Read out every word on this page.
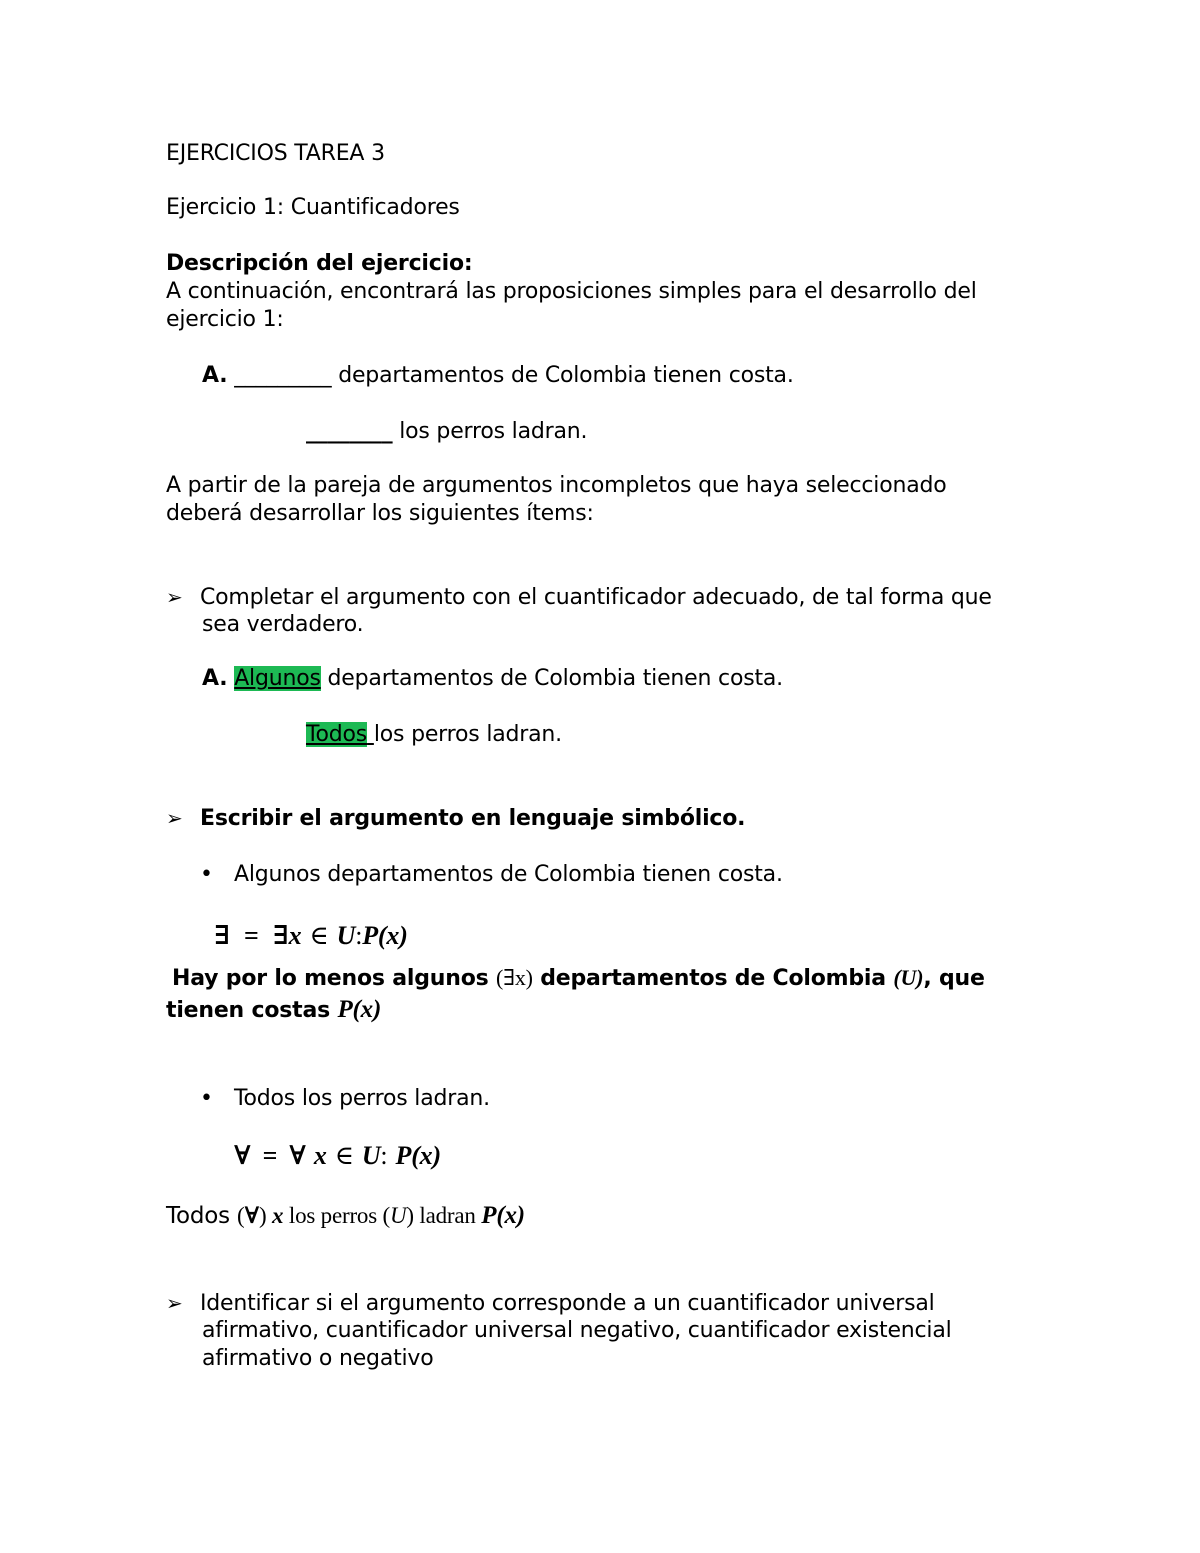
EJERCICIOS TAREA 3
Ejercicio 1: Cuantificadores
Descripción del ejercicio:
A continuación, encontrará las proposiciones simples para el desarrollo del
ejercicio 1:
A. _________ departamentos de Colombia tienen costa.
________ los perros ladran.
A partir de la pareja de argumentos incompletos que haya seleccionado
deberá desarrollar los siguientes ítems:
➢ Completar el argumento con el cuantificador adecuado, de tal forma que
sea verdadero.
A. Algunos departamentos de Colombia tienen costa.
Todos los perros ladran.
➢ Escribir el argumento en lenguaje simbólico.
• Algunos departamentos de Colombia tienen costa.
∃ = ∃x ∈ U:P(x)
Hay por lo menos algunos (∃x) departamentos de Colombia (U), que
tienen costas P(x)
• Todos los perros ladran.
∀ = ∀ x ∈ U: P(x)
Todos (∀) x los perros (U) ladran P(x)
➢ Identificar si el argumento corresponde a un cuantificador universal
afirmativo, cuantificador universal negativo, cuantificador existencial
afirmativo o negativo
